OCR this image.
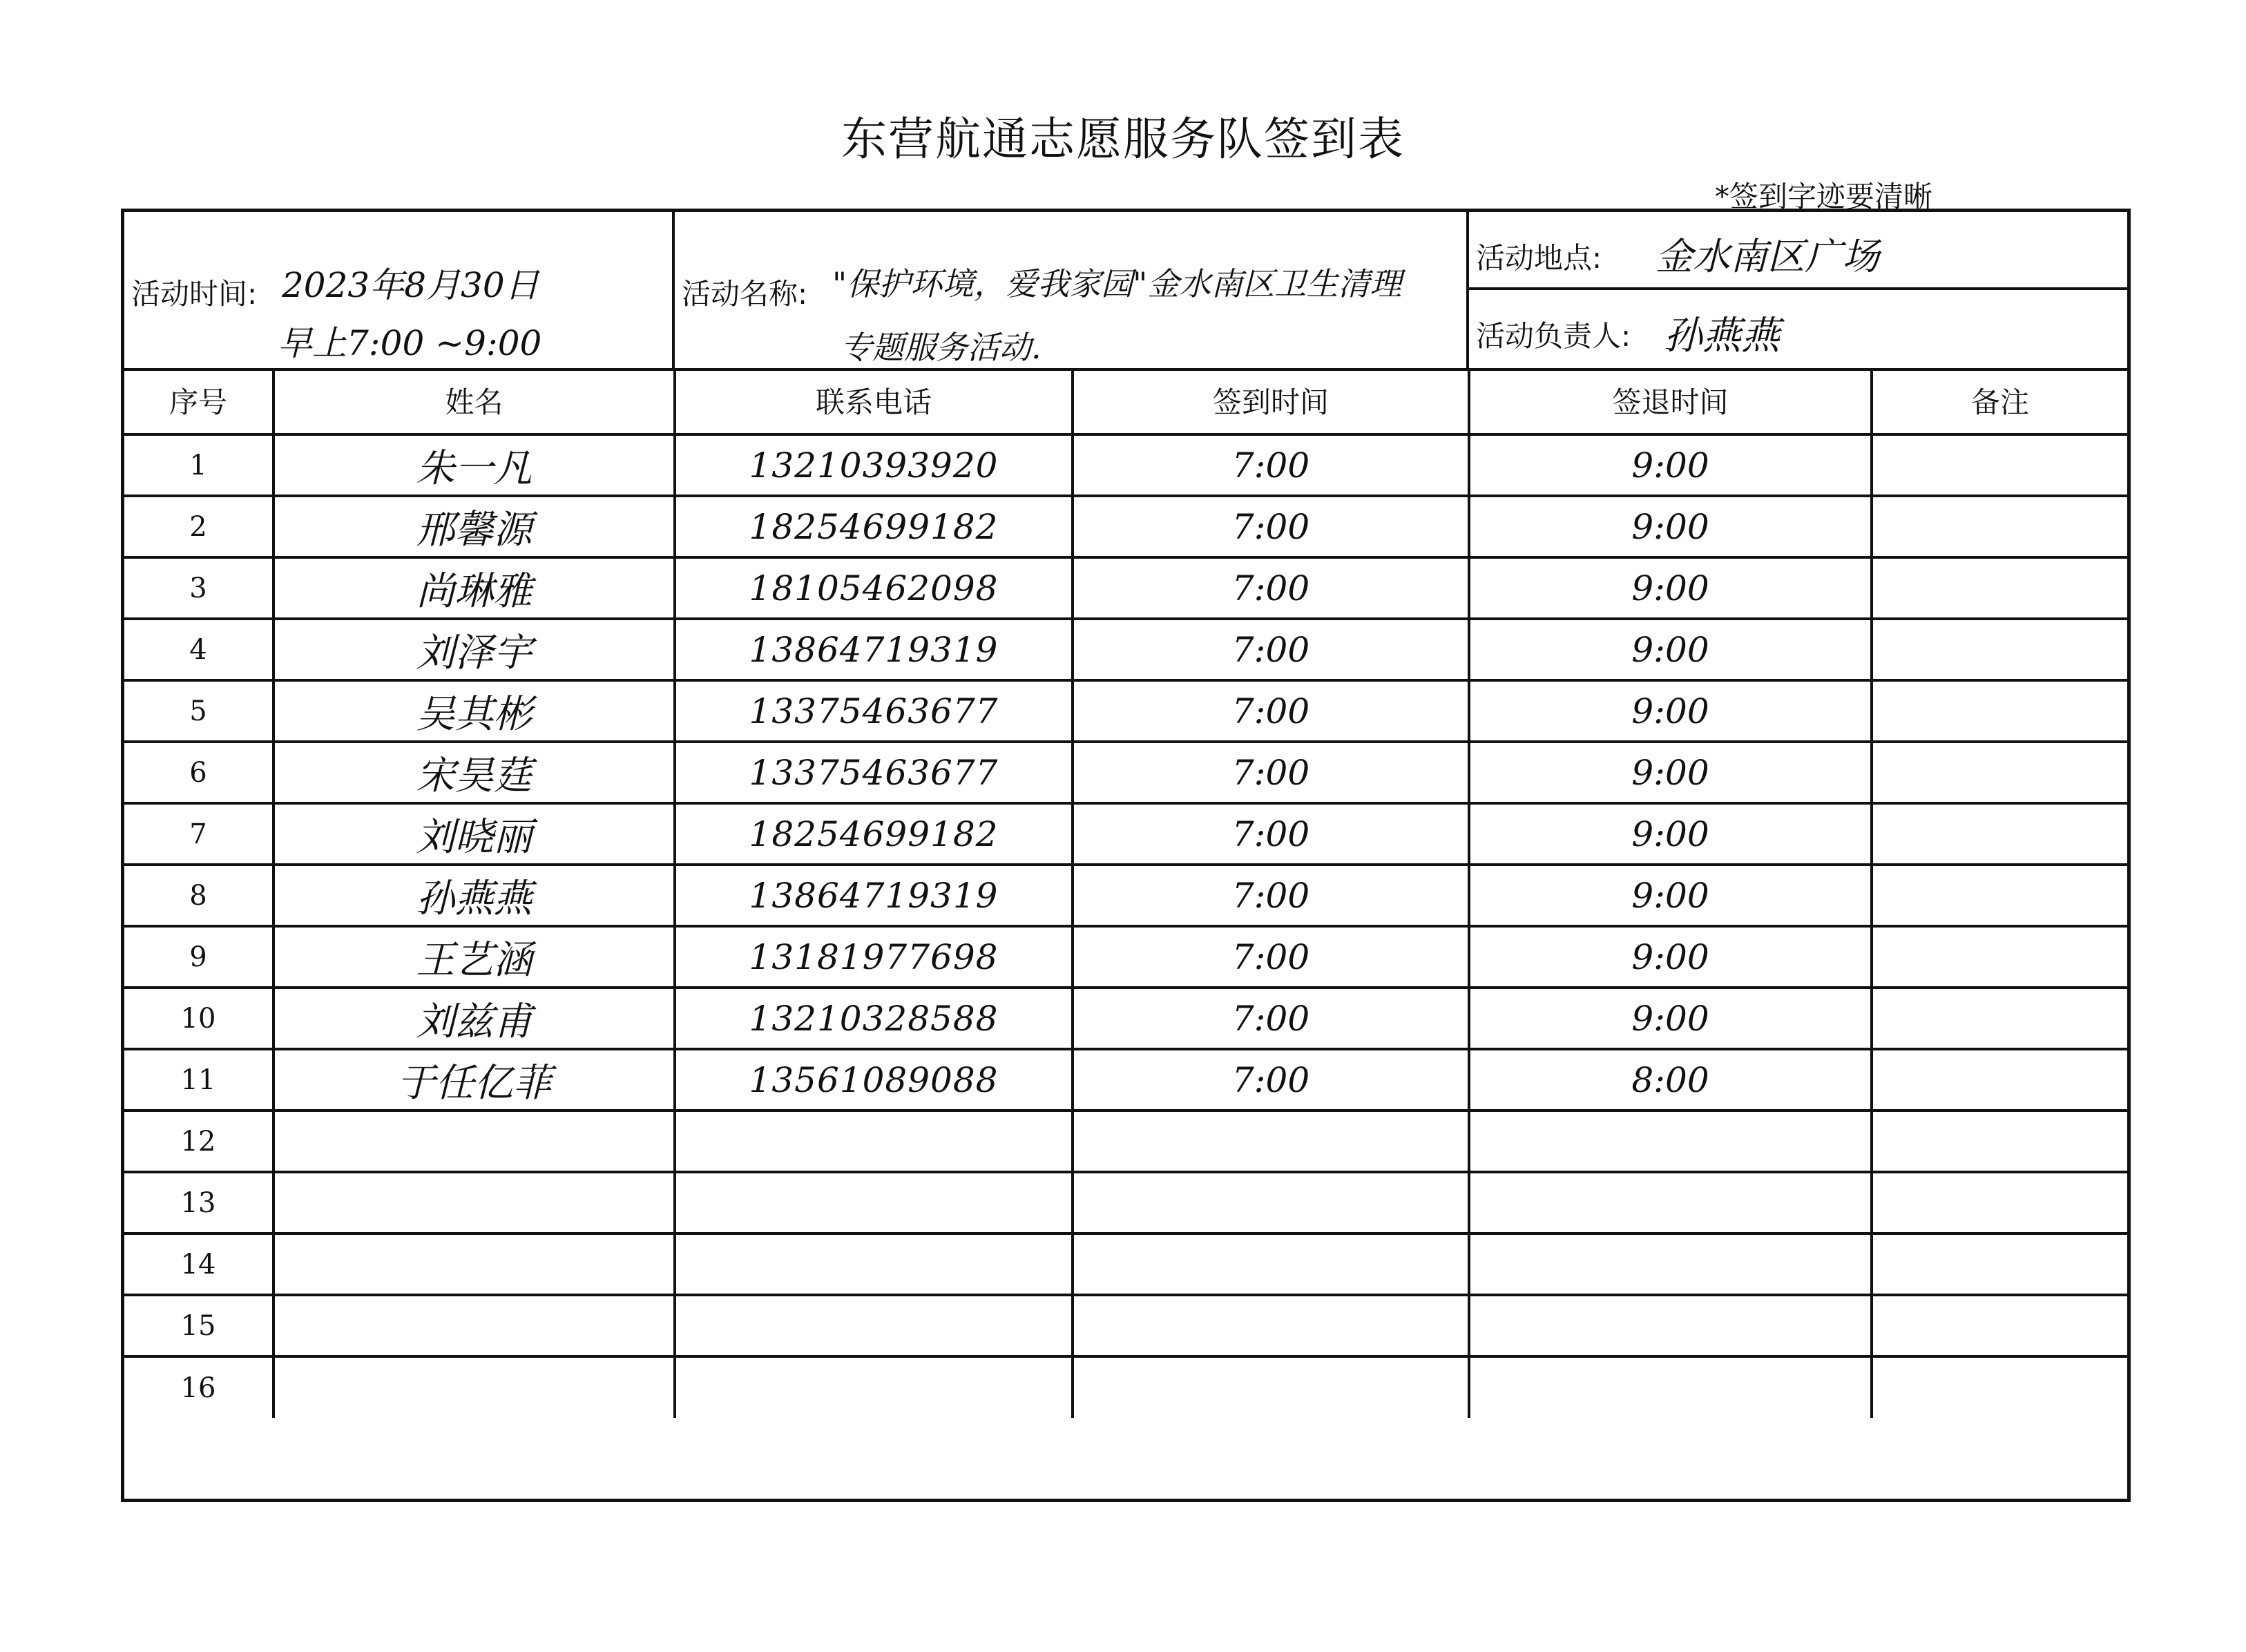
东营航通志愿服务队签到表
*签到字迹要清晰
活动时间: 2023年8月30日
早上7:00 ~9:00
活动名称: "保护环境，爱我家园"金水南区卫生清理
专题服务活动.
活动地点: 金水南区广场
活动负责人: 孙燕燕
序号	姓名	联系电话	签到时间	签退时间	备注
1	朱一凡	13210393920	7:00	9:00	
2	邢馨源	18254699182	7:00	9:00	
3	尚琳雅	18105462098	7:00	9:00	
4	刘泽宇	13864719319	7:00	9:00	
5	吴其彬	13375463677	7:00	9:00	
6	宋昊莛	13375463677	7:00	9:00	
7	刘晓丽	18254699182	7:00	9:00	
8	孙燕燕	13864719319	7:00	9:00	
9	王艺涵	13181977698	7:00	9:00	
10	刘兹甫	13210328588	7:00	9:00	
11	于任亿菲	13561089088	7:00	8:00	
12					
13					
14					
15					
16					
